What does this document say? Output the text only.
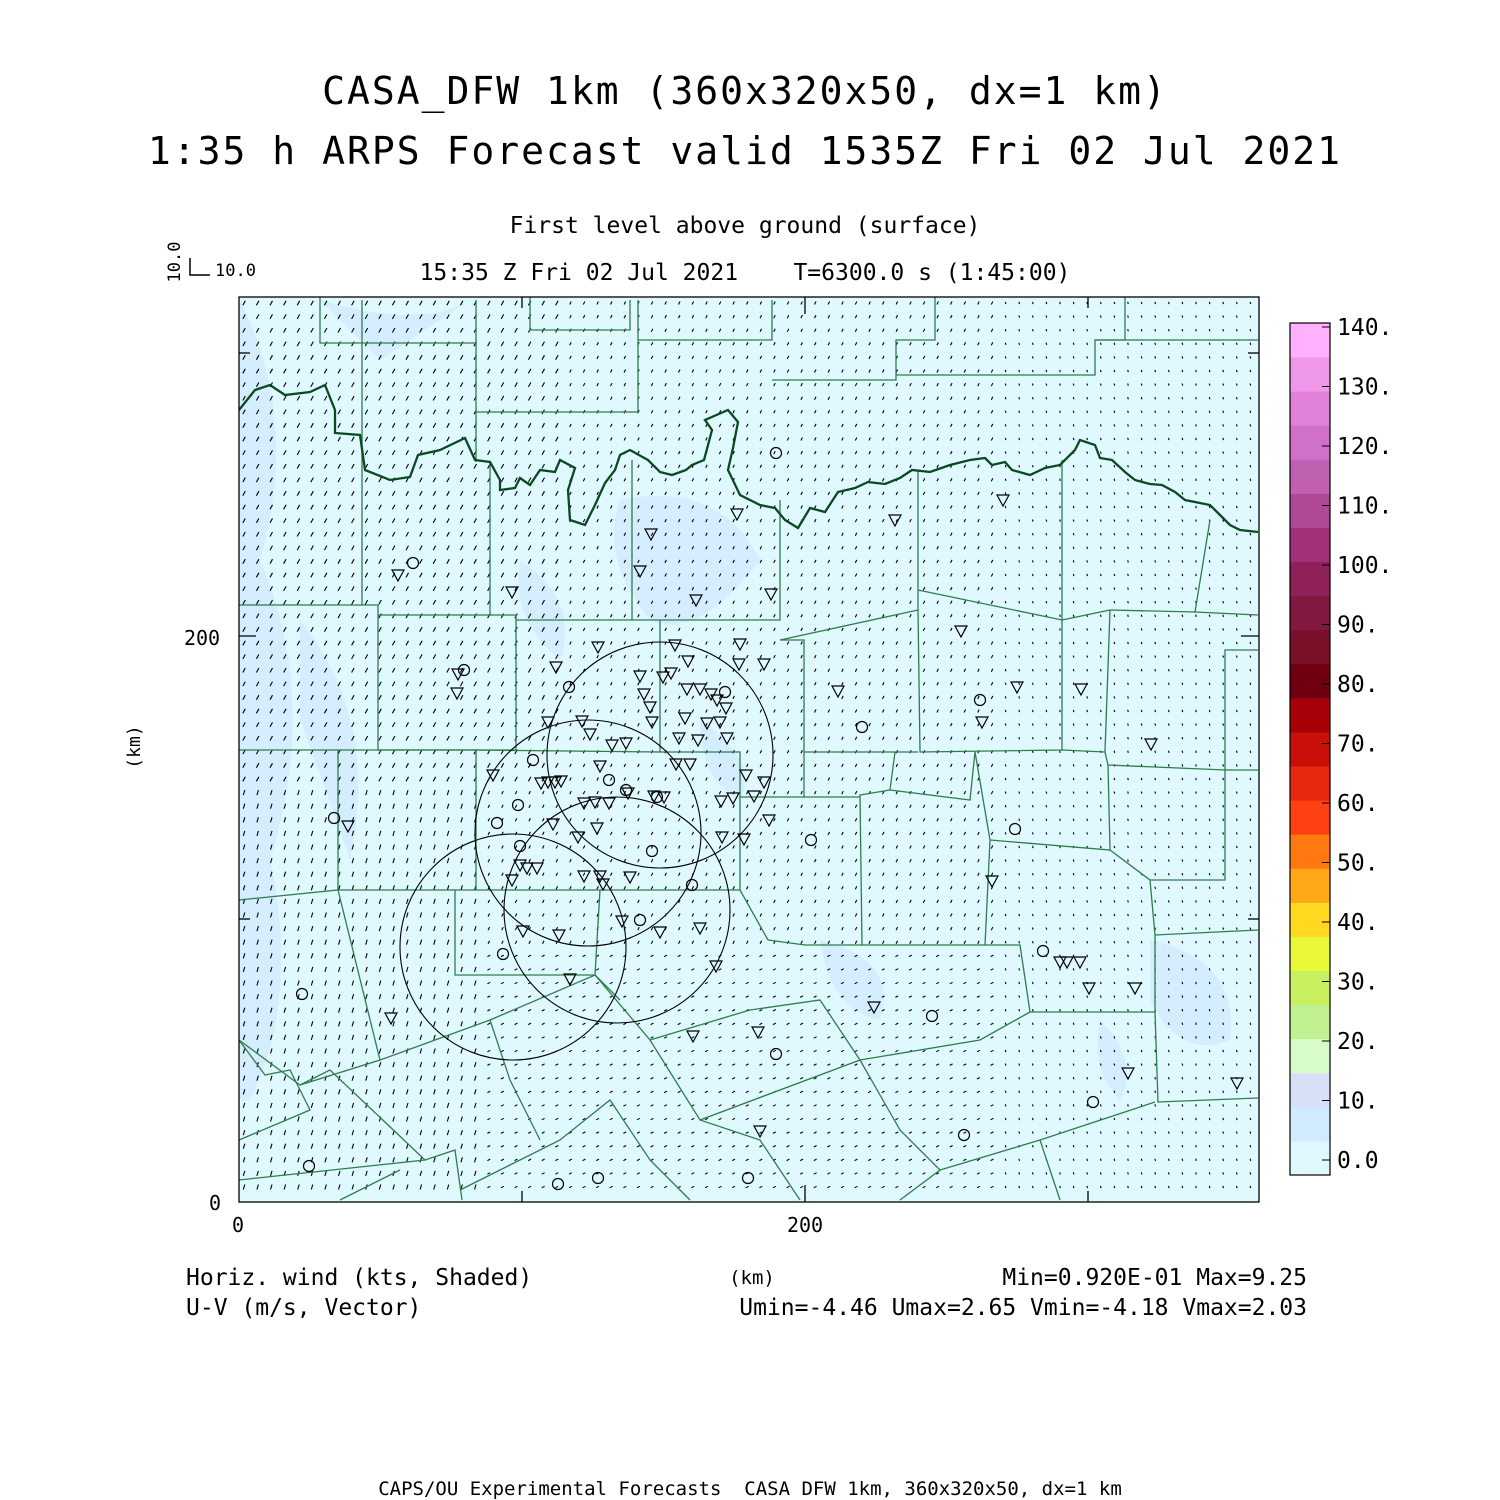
CASA_DFW 1km (360x320x50, dx=1 km)
1:35 h ARPS Forecast valid 1535Z Fri 02 Jul 2021
First level above ground (surface)
15:35 Z Fri 02 Jul 2021    T=6300.0 s (1:45:00)
10.0 10.0
200
0
0	200
(km)
(km)
140.
130.
120.
110.
100.
90.
80.
70.
60.
50.
40.
30.
20.
10.
0.0
Horiz. wind (kts, Shaded)
U-V (m/s, Vector)
Min=0.920E-01 Max=9.25
Umin=-4.46 Umax=2.65 Vmin=-4.18 Vmax=2.03
CAPS/OU Experimental Forecasts  CASA DFW 1km, 360x320x50, dx=1 km
